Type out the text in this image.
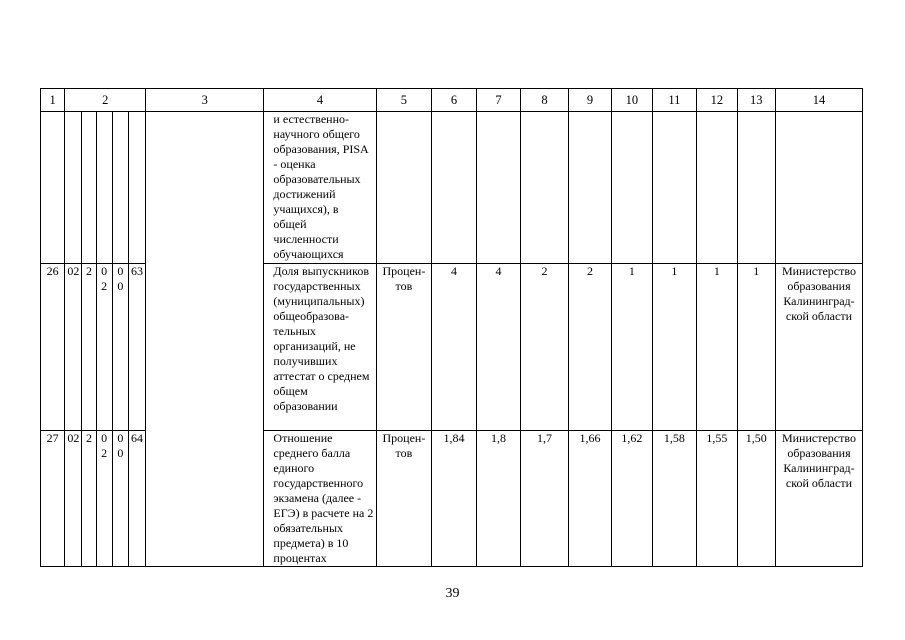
1	2					3	4	5	6	7	8	9	10	11	12	13	14
							и естественно-научного общего образования, PISA - оценка образовательных достижений учащихся), в общей численности обучающихся										
26	02	2	02	00	63		Доля выпускников государственных (муниципальных) общеобразова-тельных организаций, не получивших аттестат о среднем общем образовании	Процен-тов	4	4	2	2	1	1	1	1	Министерство образования Калининград-ской области
27	02	2	02	00	64		Отношение среднего балла единого государственного экзамена (далее - ЕГЭ) в расчете на 2 обязательных предмета) в 10 процентах	Процен-тов	1,84	1,8	1,7	1,66	1,62	1,58	1,55	1,50	Министерство образования Калининград-ской области
39
